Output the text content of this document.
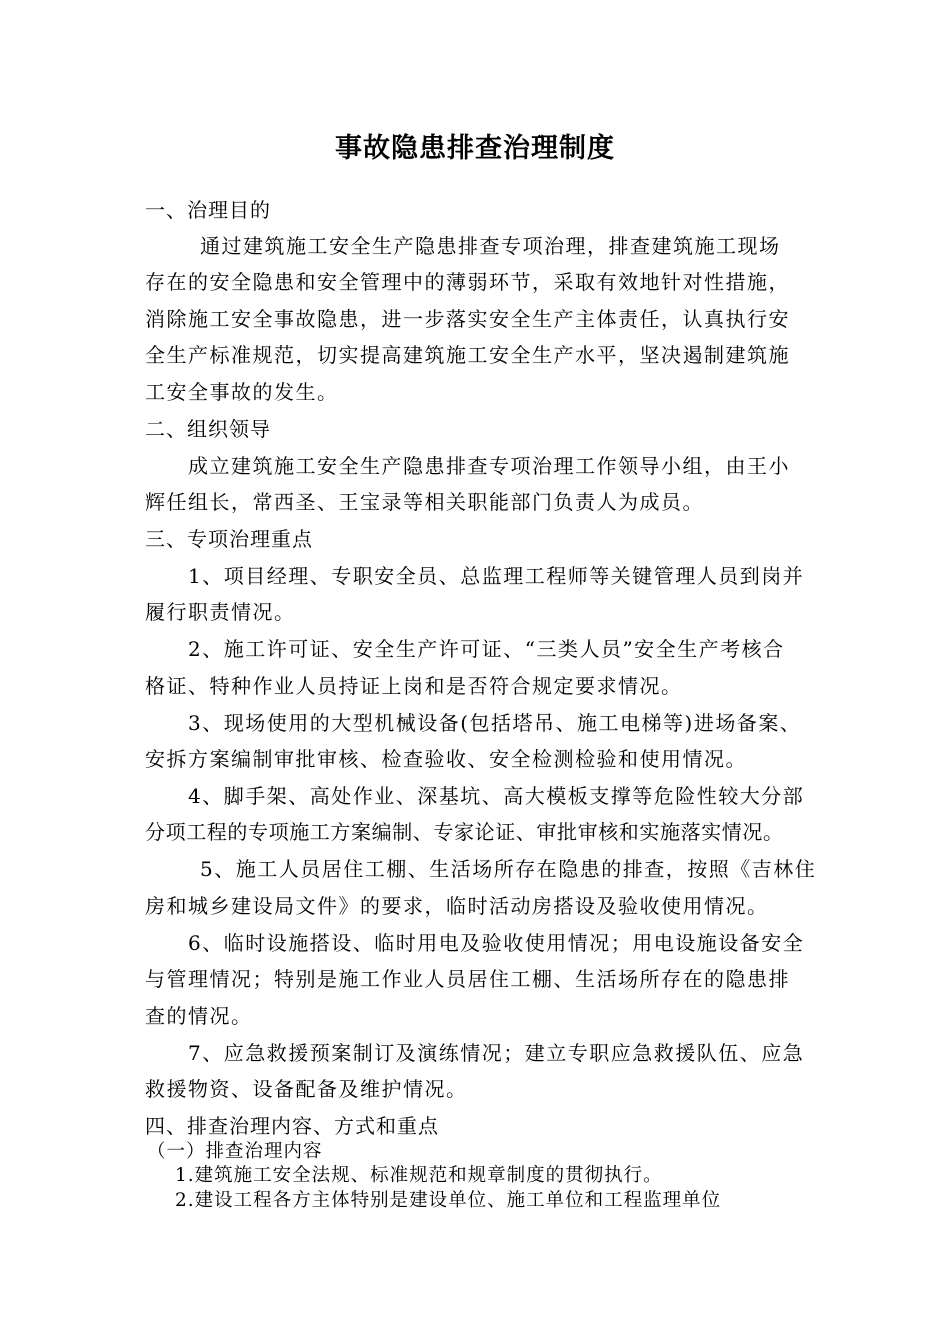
事故隐患排查治理制度
一、治理目的
通过建筑施工安全生产隐患排查专项治理，排查建筑施工现场
存在的安全隐患和安全管理中的薄弱环节，采取有效地针对性措施，
消除施工安全事故隐患，进一步落实安全生产主体责任，认真执行安
全生产标准规范，切实提高建筑施工安全生产水平，坚决遏制建筑施
工安全事故的发生。
二、组织领导
成立建筑施工安全生产隐患排查专项治理工作领导小组，由王小
辉任组长，常西圣、王宝录等相关职能部门负责人为成员。
三、专项治理重点
1、项目经理、专职安全员、总监理工程师等关键管理人员到岗并
履行职责情况。
2、施工许可证、安全生产许可证、“三类人员”安全生产考核合
格证、特种作业人员持证上岗和是否符合规定要求情况。
3、现场使用的大型机械设备(包括塔吊、施工电梯等)进场备案、
安拆方案编制审批审核、检查验收、安全检测检验和使用情况。
4、脚手架、高处作业、深基坑、高大模板支撑等危险性较大分部
分项工程的专项施工方案编制、专家论证、审批审核和实施落实情况。
5、施工人员居住工棚、生活场所存在隐患的排查，按照《吉林住
房和城乡建设局文件》的要求，临时活动房搭设及验收使用情况。
6、临时设施搭设、临时用电及验收使用情况；用电设施设备安全
与管理情况；特别是施工作业人员居住工棚、生活场所存在的隐患排
查的情况。
7、应急救援预案制订及演练情况；建立专职应急救援队伍、应急
救援物资、设备配备及维护情况。
四、排查治理内容、方式和重点
（一）排查治理内容
1.建筑施工安全法规、标准规范和规章制度的贯彻执行。
2.建设工程各方主体特别是建设单位、施工单位和工程监理单位
